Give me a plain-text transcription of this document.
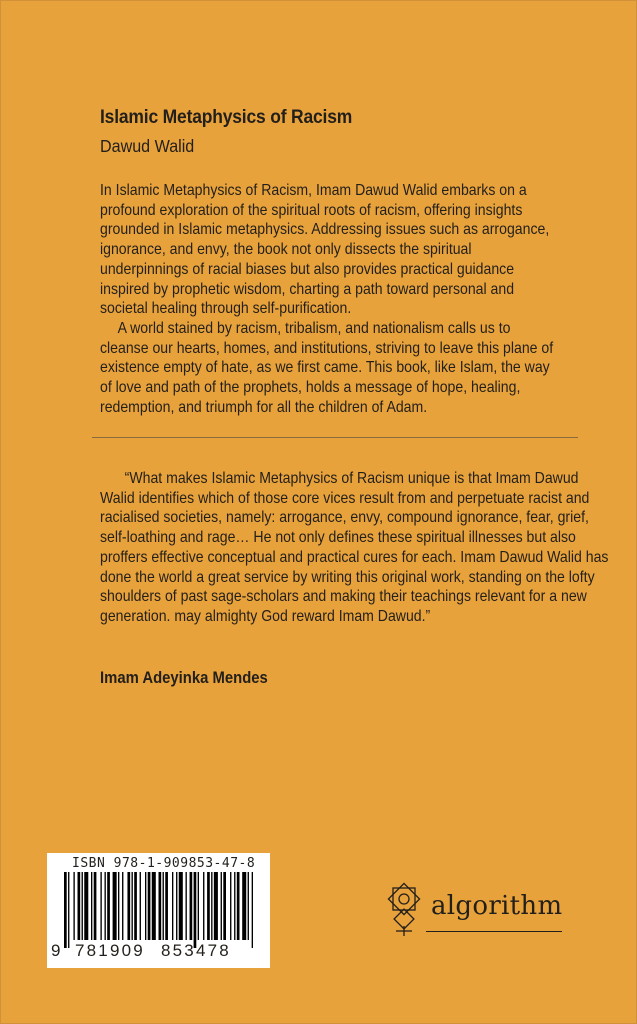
Islamic Metaphysics of Racism
Dawud Walid

In Islamic Metaphysics of Racism, Imam Dawud Walid embarks on a profound exploration of the spiritual roots of racism, offering insights grounded in Islamic metaphysics. Addressing issues such as arrogance, ignorance, and envy, the book not only dissects the spiritual underpinnings of racial biases but also provides practical guidance inspired by prophetic wisdom, charting a path toward personal and societal healing through self-purification.

A world stained by racism, tribalism, and nationalism calls us to cleanse our hearts, homes, and institutions, striving to leave this plane of existence empty of hate, as we first came. This book, like Islam, the way of love and path of the prophets, holds a message of hope, healing, redemption, and triumph for all the children of Adam.

“What makes Islamic Metaphysics of Racism unique is that Imam Dawud Walid identifies which of those core vices result from and perpetuate racist and racialised societies, namely: arrogance, envy, compound ignorance, fear, grief, self-loathing and rage… He not only defines these spiritual illnesses but also proffers effective conceptual and practical cures for each. Imam Dawud Walid has done the world a great service by writing this original work, standing on the lofty shoulders of past sage-scholars and making their teachings relevant for a new generation. may almighty God reward Imam Dawud.”

Imam Adeyinka Mendes
ISBN 978-1-909853-47-8
9 781909 853478
algorithm
